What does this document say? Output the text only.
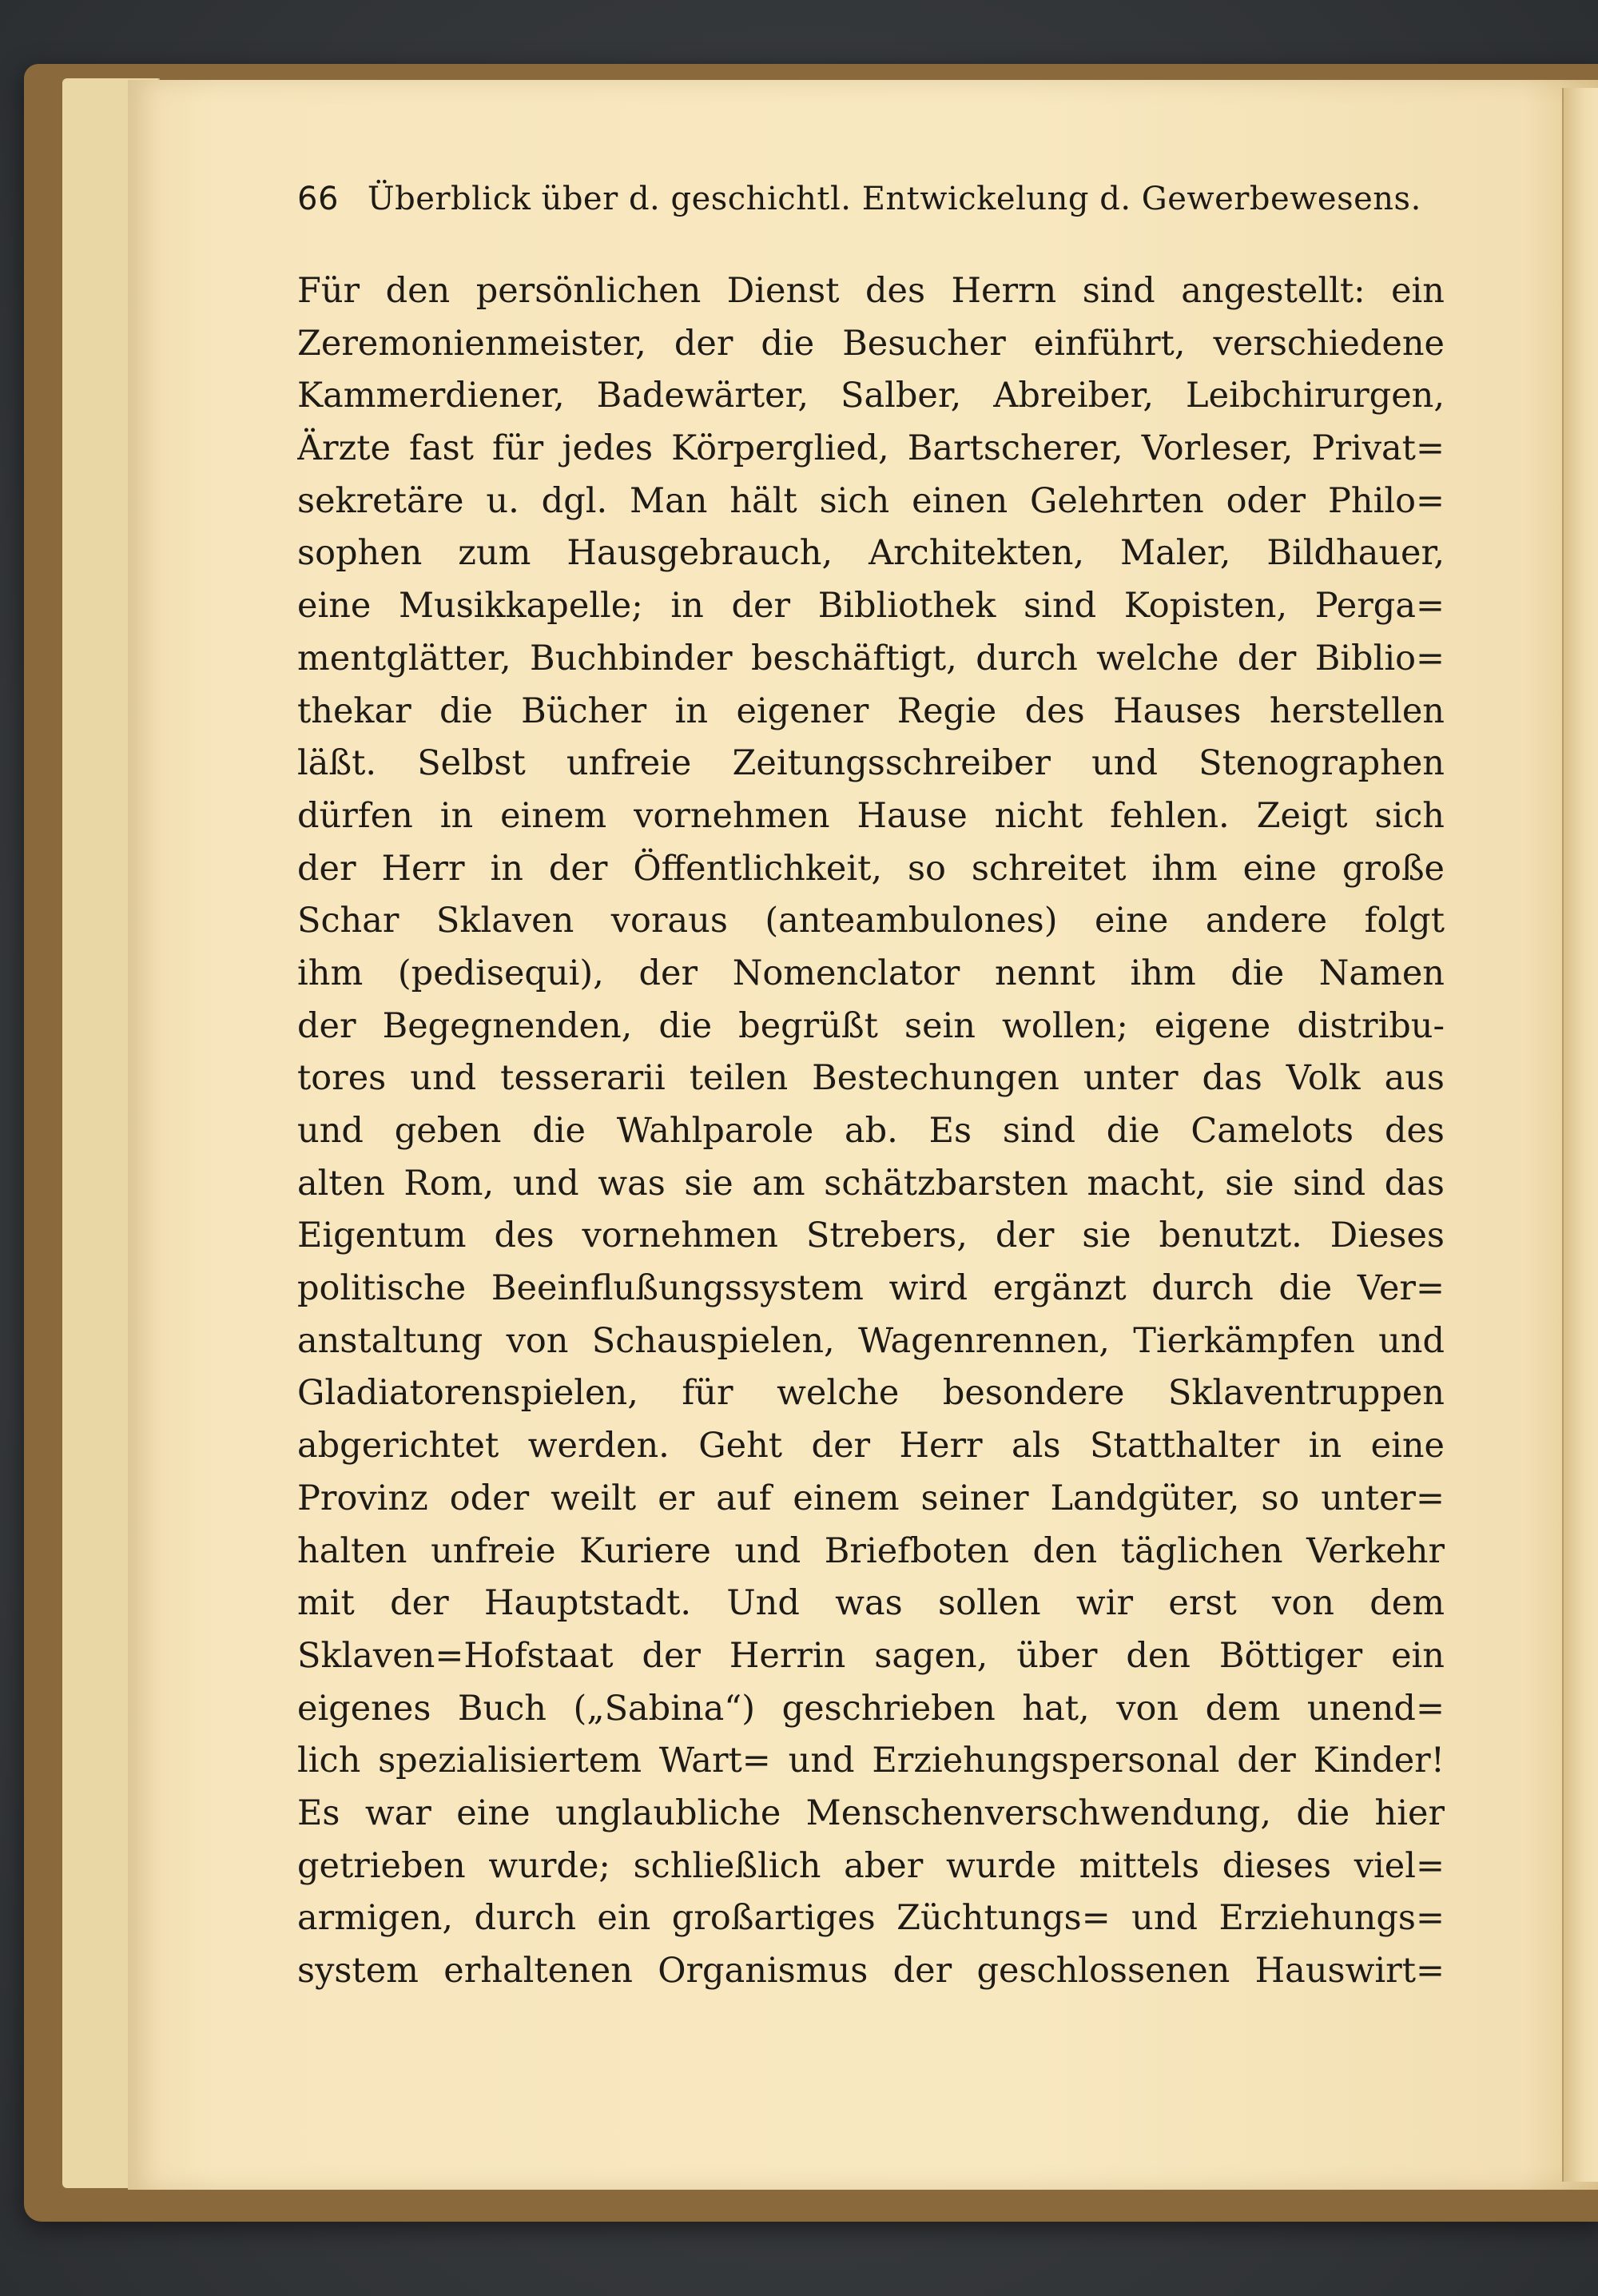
66 Überblick über d. geschichtl. Entwickelung d. Gewerbewesens.
Für den persönlichen Dienst des Herrn sind angestellt: ein
Zeremonienmeister, der die Besucher einführt, verschiedene
Kammerdiener, Badewärter, Salber, Abreiber, Leibchirurgen,
Ärzte fast für jedes Körperglied, Bartscherer, Vorleser, Privat=
sekretäre u. dgl. Man hält sich einen Gelehrten oder Philo=
sophen zum Hausgebrauch, Architekten, Maler, Bildhauer,
eine Musikkapelle; in der Bibliothek sind Kopisten, Perga=
mentglätter, Buchbinder beschäftigt, durch welche der Biblio=
thekar die Bücher in eigener Regie des Hauses herstellen
läßt. Selbst unfreie Zeitungsschreiber und Stenographen
dürfen in einem vornehmen Hause nicht fehlen. Zeigt sich
der Herr in der Öffentlichkeit, so schreitet ihm eine große
Schar Sklaven voraus (anteambulones) eine andere folgt
ihm (pedisequi), der Nomenclator nennt ihm die Namen
der Begegnenden, die begrüßt sein wollen; eigene distribu-
tores und tesserarii teilen Bestechungen unter das Volk aus
und geben die Wahlparole ab. Es sind die Camelots des
alten Rom, und was sie am schätzbarsten macht, sie sind das
Eigentum des vornehmen Strebers, der sie benutzt. Dieses
politische Beeinflußungssystem wird ergänzt durch die Ver=
anstaltung von Schauspielen, Wagenrennen, Tierkämpfen und
Gladiatorenspielen, für welche besondere Sklaventruppen
abgerichtet werden. Geht der Herr als Statthalter in eine
Provinz oder weilt er auf einem seiner Landgüter, so unter=
halten unfreie Kuriere und Briefboten den täglichen Verkehr
mit der Hauptstadt. Und was sollen wir erst von dem
Sklaven=Hofstaat der Herrin sagen, über den Böttiger ein
eigenes Buch („Sabina“) geschrieben hat, von dem unend=
lich spezialisiertem Wart= und Erziehungspersonal der Kinder!
Es war eine unglaubliche Menschenverschwendung, die hier
getrieben wurde; schließlich aber wurde mittels dieses viel=
armigen, durch ein großartiges Züchtungs= und Erziehungs=
system erhaltenen Organismus der geschlossenen Hauswirt=
